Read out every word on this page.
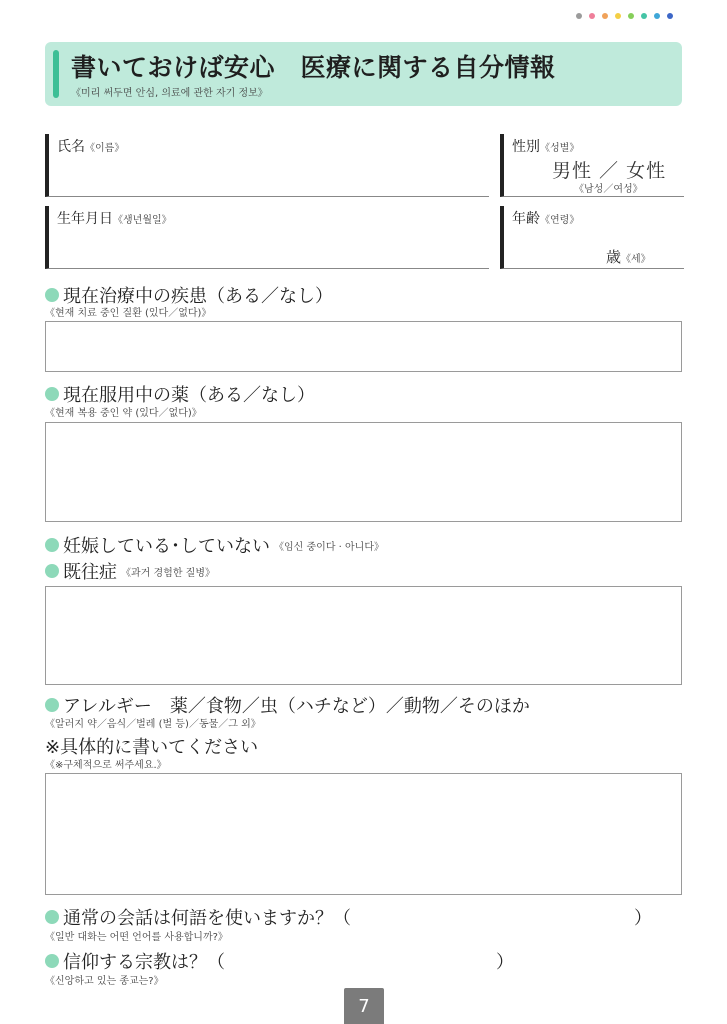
書いておけば安心　医療に関する自分情報
《미리 써두면 안심, 의료에 관한 자기 정보》
氏名《이름》	性別《성별》
男性 ／ 女性
《남성／여성》
生年月日《생년월일》	年齢《연령》
歳《세》
現在治療中の疾患（ある／なし）
《현재 치료 중인 질환 (있다／없다)》
現在服用中の薬（ある／なし）
《현재 복용 중인 약 (있다／없다)》
妊娠している･していない 《임신 중이다 · 아니다》
既往症 《과거 경험한 질병》
アレルギー　薬／食物／虫（ハチなど）／動物／そのほか
《알러지 약／음식／벌레 (벌 등)／동물／그 외》
※具体的に書いてください
《※구체적으로 써주세요.》
通常の会話は何語を使いますか？（	）
《일반 대화는 어떤 언어를 사용합니까?》
信仰する宗教は？（	）
《신앙하고 있는 종교는?》
7
